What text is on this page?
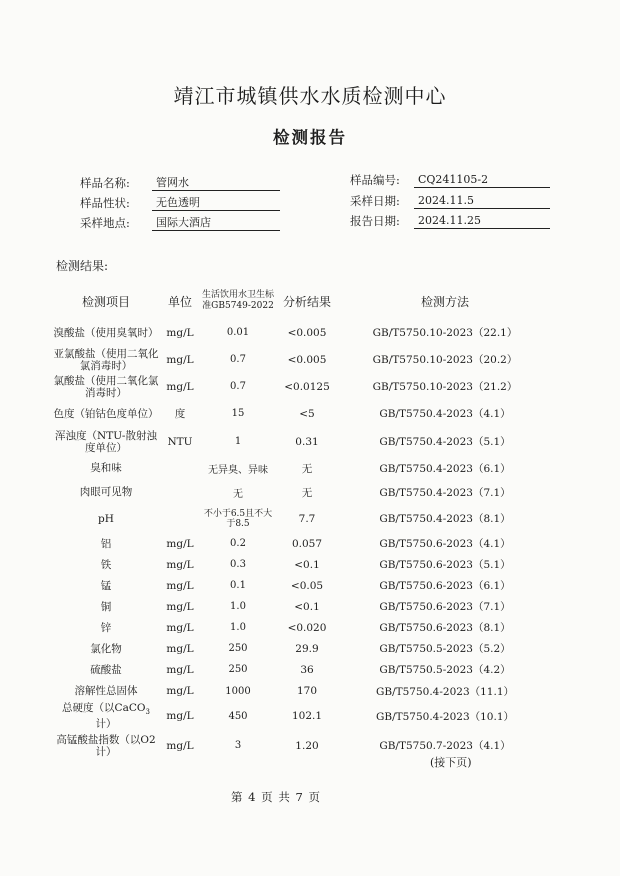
靖江市城镇供水水质检测中心
检测报告
样品名称:	管网水
样品性状:	无色透明
采样地点:	国际大酒店
样品编号:	CQ241105-2
采样日期:	2024.11.5
报告日期:	2024.11.25
检测结果:
检测项目	单位	生活饮用水卫生标准GB5749-2022	分析结果	检测方法
溴酸盐（使用臭氧时）	mg/L	0.01	<0.005	GB/T5750.10-2023（22.1）
亚氯酸盐（使用二氧化氯消毒时）	mg/L	0.7	<0.005	GB/T5750.10-2023（20.2）
氯酸盐（使用二氧化氯消毒时）	mg/L	0.7	<0.0125	GB/T5750.10-2023（21.2）
色度（铂钴色度单位）	度	15	<5	GB/T5750.4-2023（4.1）
浑浊度（NTU-散射浊度单位）	NTU	1	0.31	GB/T5750.4-2023（5.1）
臭和味		无异臭、异味	无	GB/T5750.4-2023（6.1）
肉眼可见物		无	无	GB/T5750.4-2023（7.1）
pH		不小于6.5且不大于8.5	7.7	GB/T5750.4-2023（8.1）
铝	mg/L	0.2	0.057	GB/T5750.6-2023（4.1）
铁	mg/L	0.3	<0.1	GB/T5750.6-2023（5.1）
锰	mg/L	0.1	<0.05	GB/T5750.6-2023（6.1）
铜	mg/L	1.0	<0.1	GB/T5750.6-2023（7.1）
锌	mg/L	1.0	<0.020	GB/T5750.6-2023（8.1）
氯化物	mg/L	250	29.9	GB/T5750.5-2023（5.2）
硫酸盐	mg/L	250	36	GB/T5750.5-2023（4.2）
溶解性总固体	mg/L	1000	170	GB/T5750.4-2023（11.1）
总硬度（以CaCO$_3$计）	mg/L	450	102.1	GB/T5750.4-2023（10.1）
高锰酸盐指数（以O2计）	mg/L	3	1.20	GB/T5750.7-2023（4.1）
(接下页)
第 4 页 共 7 页
